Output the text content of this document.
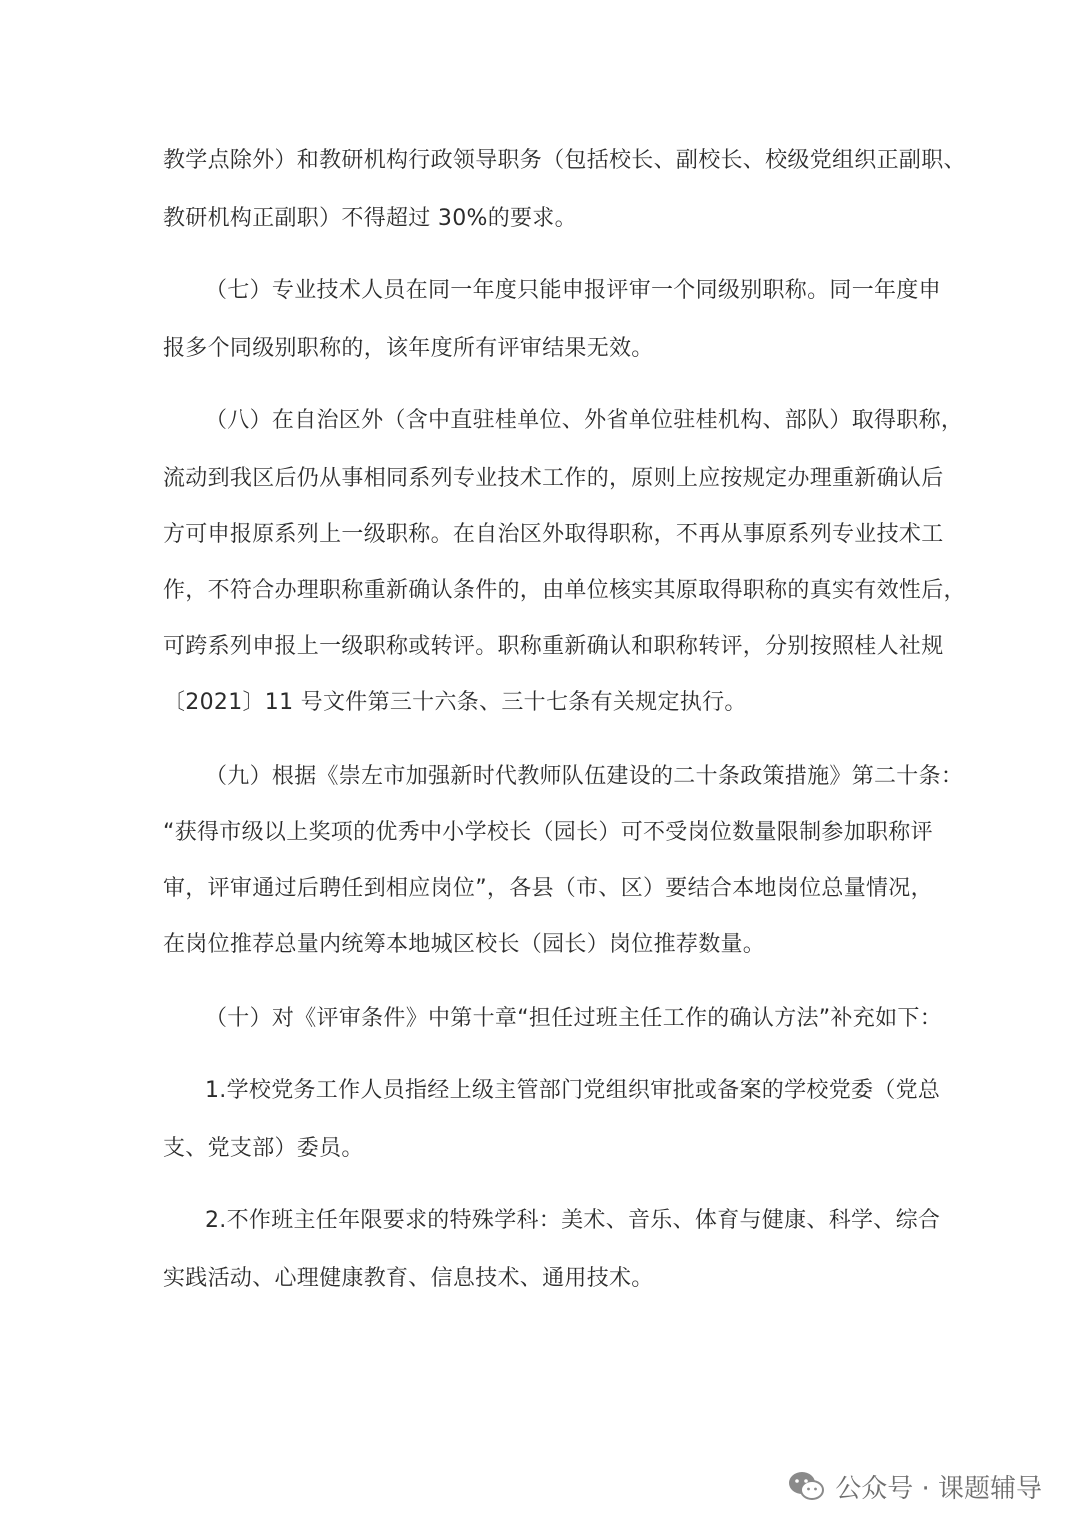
教学点除外）和教研机构行政领导职务（包括校长、副校长、校级党组织正副职、
教研机构正副职）不得超过 30%的要求。
（七）专业技术人员在同一年度只能申报评审一个同级别职称。同一年度申
报多个同级别职称的，该年度所有评审结果无效。
（八）在自治区外（含中直驻桂单位、外省单位驻桂机构、部队）取得职称，
流动到我区后仍从事相同系列专业技术工作的，原则上应按规定办理重新确认后
方可申报原系列上一级职称。在自治区外取得职称，不再从事原系列专业技术工
作，不符合办理职称重新确认条件的，由单位核实其原取得职称的真实有效性后，
可跨系列申报上一级职称或转评。职称重新确认和职称转评，分别按照桂人社规
〔2021〕11 号文件第三十六条、三十七条有关规定执行。
（九）根据《崇左市加强新时代教师队伍建设的二十条政策措施》第二十条：
“获得市级以上奖项的优秀中小学校长（园长）可不受岗位数量限制参加职称评
审，评审通过后聘任到相应岗位”，各县（市、区）要结合本地岗位总量情况，
在岗位推荐总量内统筹本地城区校长（园长）岗位推荐数量。
（十）对《评审条件》中第十章“担任过班主任工作的确认方法”补充如下：
1.学校党务工作人员指经上级主管部门党组织审批或备案的学校党委（党总
支、党支部）委员。
2.不作班主任年限要求的特殊学科：美术、音乐、体育与健康、科学、综合
实践活动、心理健康教育、信息技术、通用技术。
公众号 · 课题辅导
